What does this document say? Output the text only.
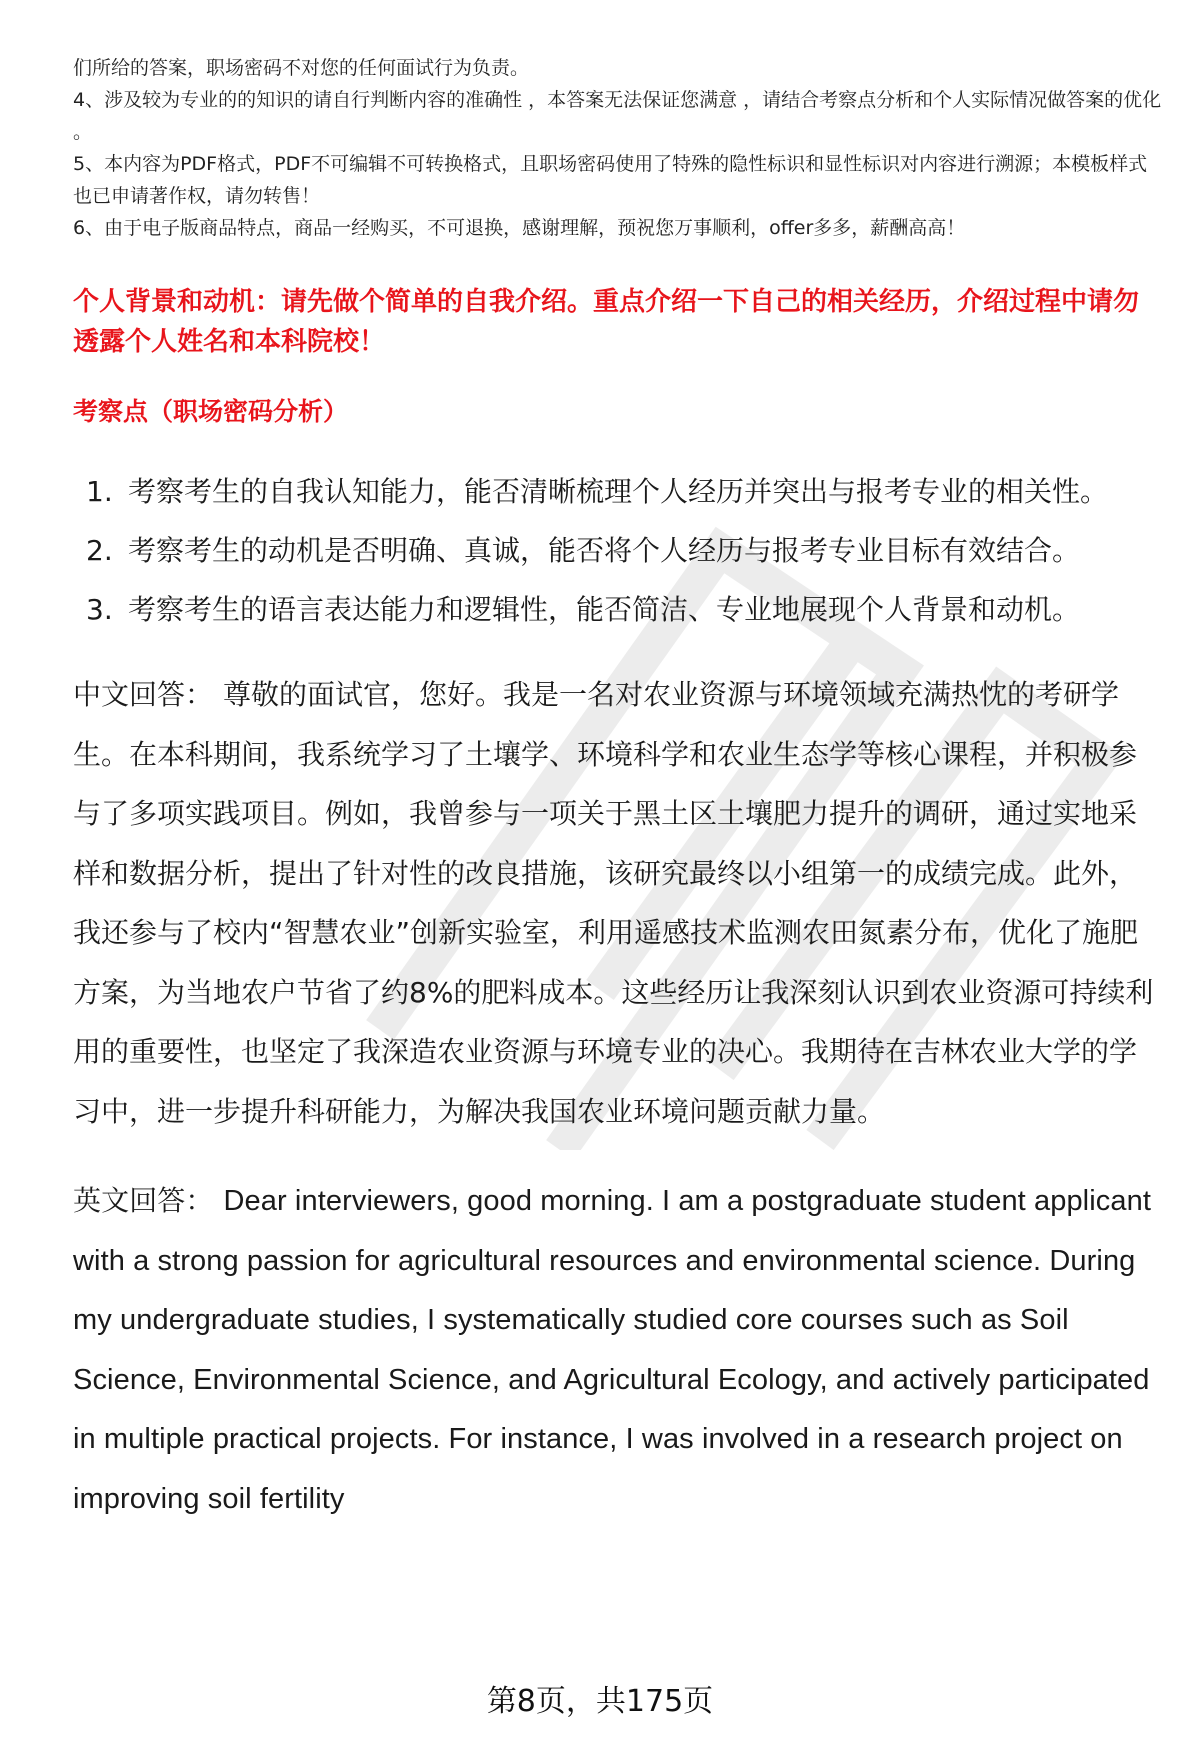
们所给的答案，职场密码不对您的任何面试行为负责。

4、涉及较为专业的的知识的请自行判断内容的准确性 ，本答案无法保证您满意 ，请结合考察点分析和个人实际情况做答案的优化 。

5、本内容为PDF格式，PDF不可编辑不可转换格式，且职场密码使用了特殊的隐性标识和显性标识对内容进行溯源；本模板样式也已申请著作权，请勿转售！

6、由于电子版商品特点，商品一经购买，不可退换，感谢理解，预祝您万事顺利，offer多多，薪酬高高！

个人背景和动机：请先做个简单的自我介绍。重点介绍一下自己的相关经历，介绍过程中请勿透露个人姓名和本科院校！

考察点（职场密码分析）

1. 考察考生的自我认知能力，能否清晰梳理个人经历并突出与报考专业的相关性。
2. 考察考生的动机是否明确、真诚，能否将个人经历与报考专业目标有效结合。
3. 考察考生的语言表达能力和逻辑性，能否简洁、专业地展现个人背景和动机。

中文回答： 尊敬的面试官，您好。我是一名对农业资源与环境领域充满热忱的考研学生。在本科期间，我系统学习了土壤学、环境科学和农业生态学等核心课程，并积极参与了多项实践项目。例如，我曾参与一项关于黑土区土壤肥力提升的调研，通过实地采样和数据分析，提出了针对性的改良措施，该研究最终以小组第一的成绩完成。此外，我还参与了校内“智慧农业”创新实验室，利用遥感技术监测农田氮素分布，优化了施肥方案，为当地农户节省了约8%的肥料成本。这些经历让我深刻认识到农业资源可持续利用的重要性，也坚定了我深造农业资源与环境专业的决心。我期待在吉林农业大学的学习中，进一步提升科研能力，为解决我国农业环境问题贡献力量。

英文回答： Dear interviewers, good morning. I am a postgraduate student applicant with a strong passion for agricultural resources and environmental science. During my undergraduate studies, I systematically studied core courses such as Soil Science, Environmental Science, and Agricultural Ecology, and actively participated in multiple practical projects. For instance, I was involved in a research project on improving soil fertility

第8页，共175页
